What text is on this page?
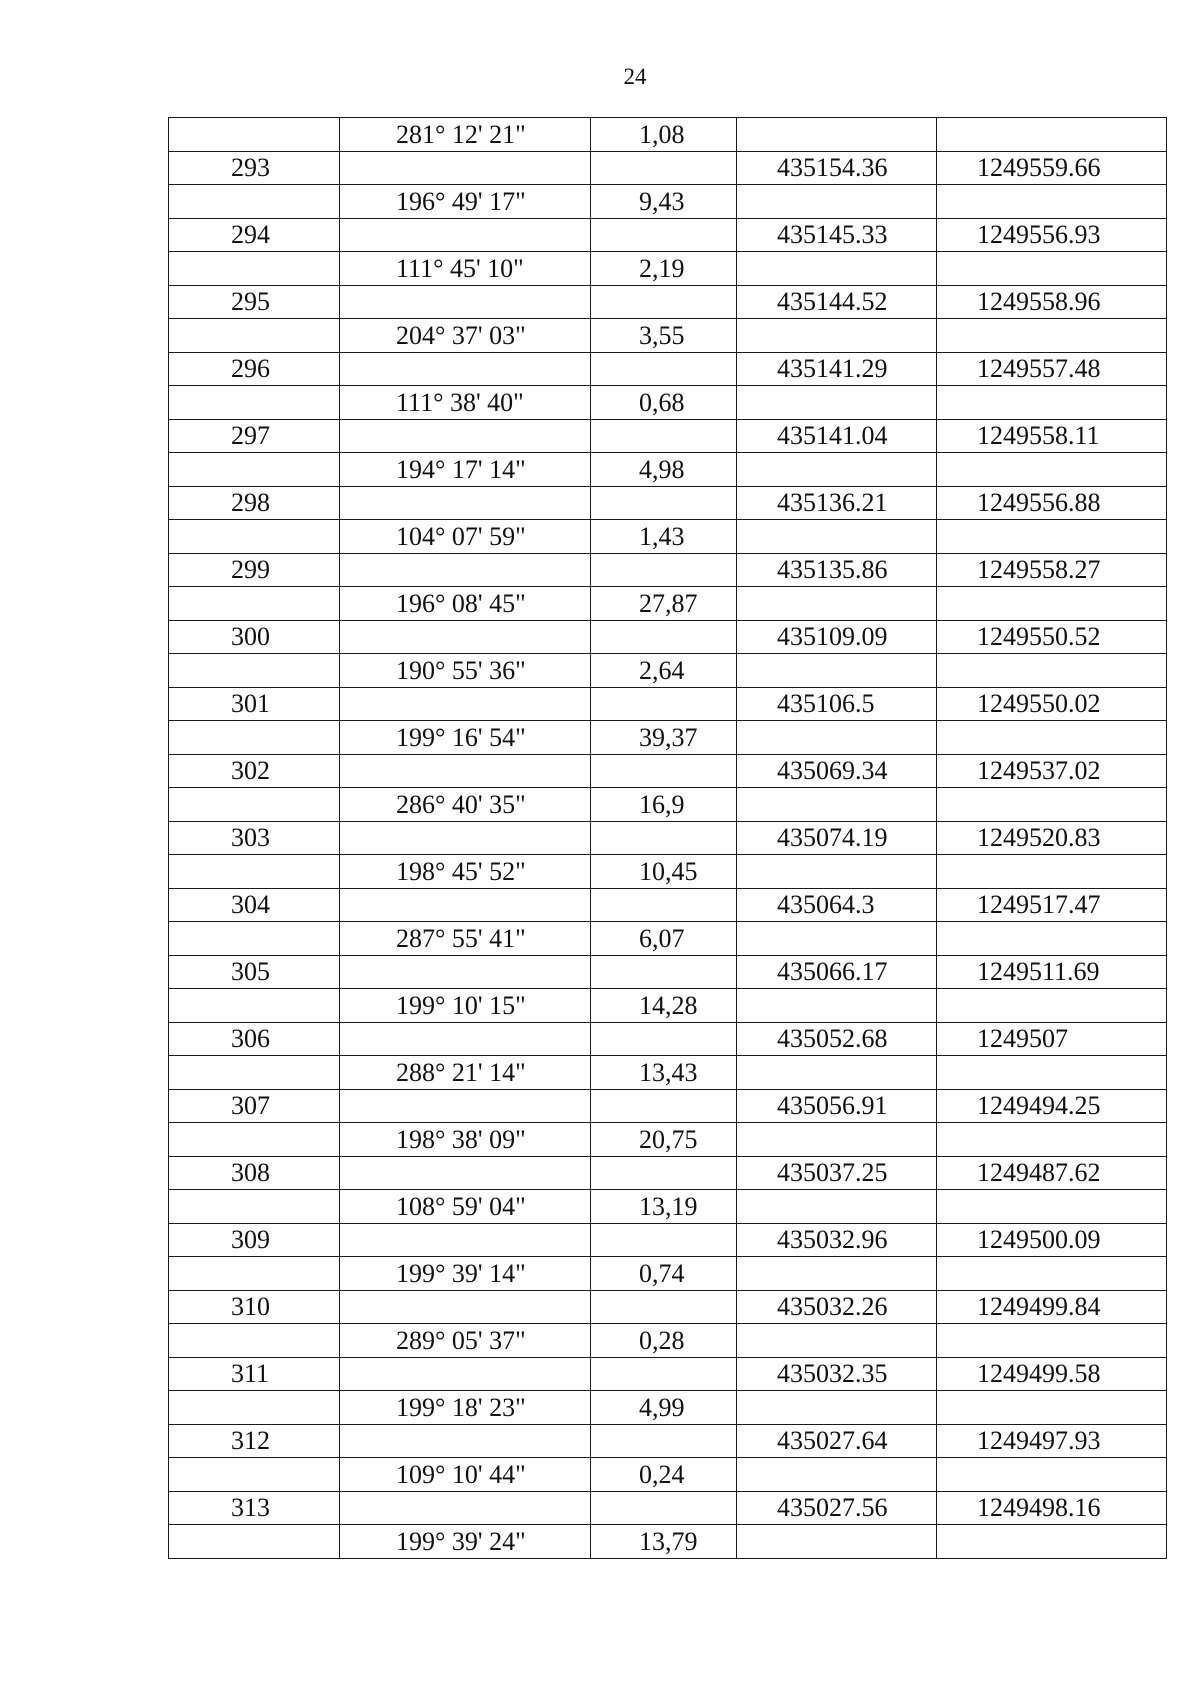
24
	281° 12' 21"	1,08		
293			435154.36	1249559.66
	196° 49' 17"	9,43		
294			435145.33	1249556.93
	111° 45' 10"	2,19		
295			435144.52	1249558.96
	204° 37' 03"	3,55		
296			435141.29	1249557.48
	111° 38' 40"	0,68		
297			435141.04	1249558.11
	194° 17' 14"	4,98		
298			435136.21	1249556.88
	104° 07' 59"	1,43		
299			435135.86	1249558.27
	196° 08' 45"	27,87		
300			435109.09	1249550.52
	190° 55' 36"	2,64		
301			435106.5	1249550.02
	199° 16' 54"	39,37		
302			435069.34	1249537.02
	286° 40' 35"	16,9		
303			435074.19	1249520.83
	198° 45' 52"	10,45		
304			435064.3	1249517.47
	287° 55' 41"	6,07		
305			435066.17	1249511.69
	199° 10' 15"	14,28		
306			435052.68	1249507
	288° 21' 14"	13,43		
307			435056.91	1249494.25
	198° 38' 09"	20,75		
308			435037.25	1249487.62
	108° 59' 04"	13,19		
309			435032.96	1249500.09
	199° 39' 14"	0,74		
310			435032.26	1249499.84
	289° 05' 37"	0,28		
311			435032.35	1249499.58
	199° 18' 23"	4,99		
312			435027.64	1249497.93
	109° 10' 44"	0,24		
313			435027.56	1249498.16
	199° 39' 24"	13,79		
